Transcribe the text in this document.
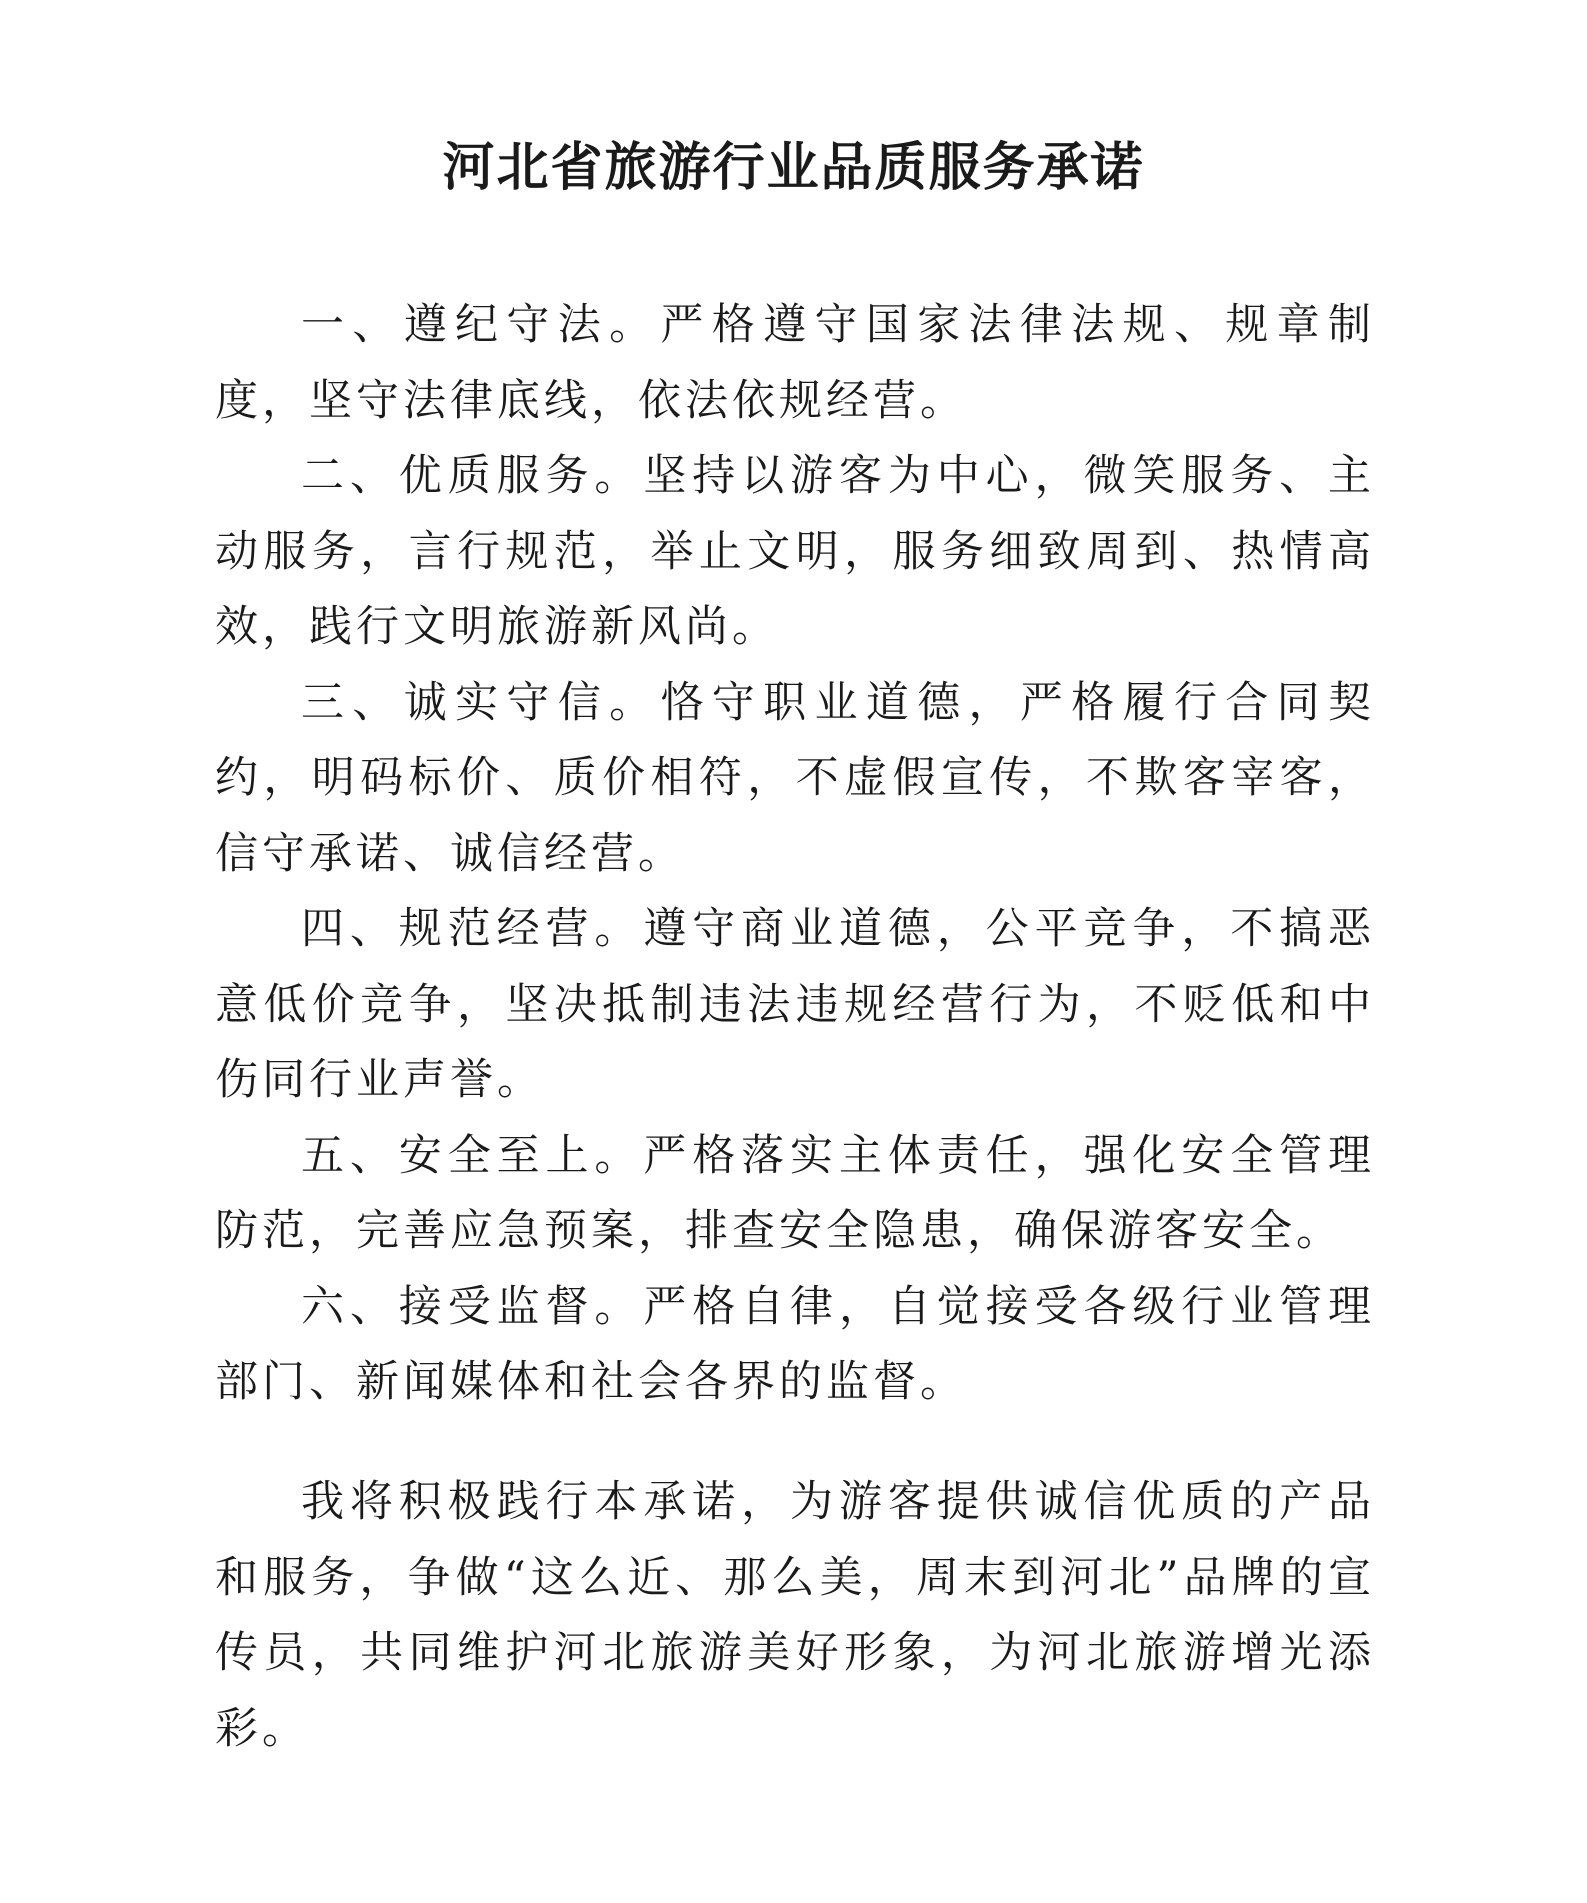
河北省旅游行业品质服务承诺

一、遵纪守法。严格遵守国家法律法规、规章制度，坚守法律底线，依法依规经营。

二、优质服务。坚持以游客为中心，微笑服务、主动服务，言行规范，举止文明，服务细致周到、热情高效，践行文明旅游新风尚。

三、诚实守信。恪守职业道德，严格履行合同契约，明码标价、质价相符，不虚假宣传，不欺客宰客，信守承诺、诚信经营。

四、规范经营。遵守商业道德，公平竞争，不搞恶意低价竞争，坚决抵制违法违规经营行为，不贬低和中伤同行业声誉。

五、安全至上。严格落实主体责任，强化安全管理防范，完善应急预案，排查安全隐患，确保游客安全。

六、接受监督。严格自律，自觉接受各级行业管理部门、新闻媒体和社会各界的监督。

我将积极践行本承诺，为游客提供诚信优质的产品和服务，争做“这么近、那么美，周末到河北”品牌的宣传员，共同维护河北旅游美好形象，为河北旅游增光添彩。
